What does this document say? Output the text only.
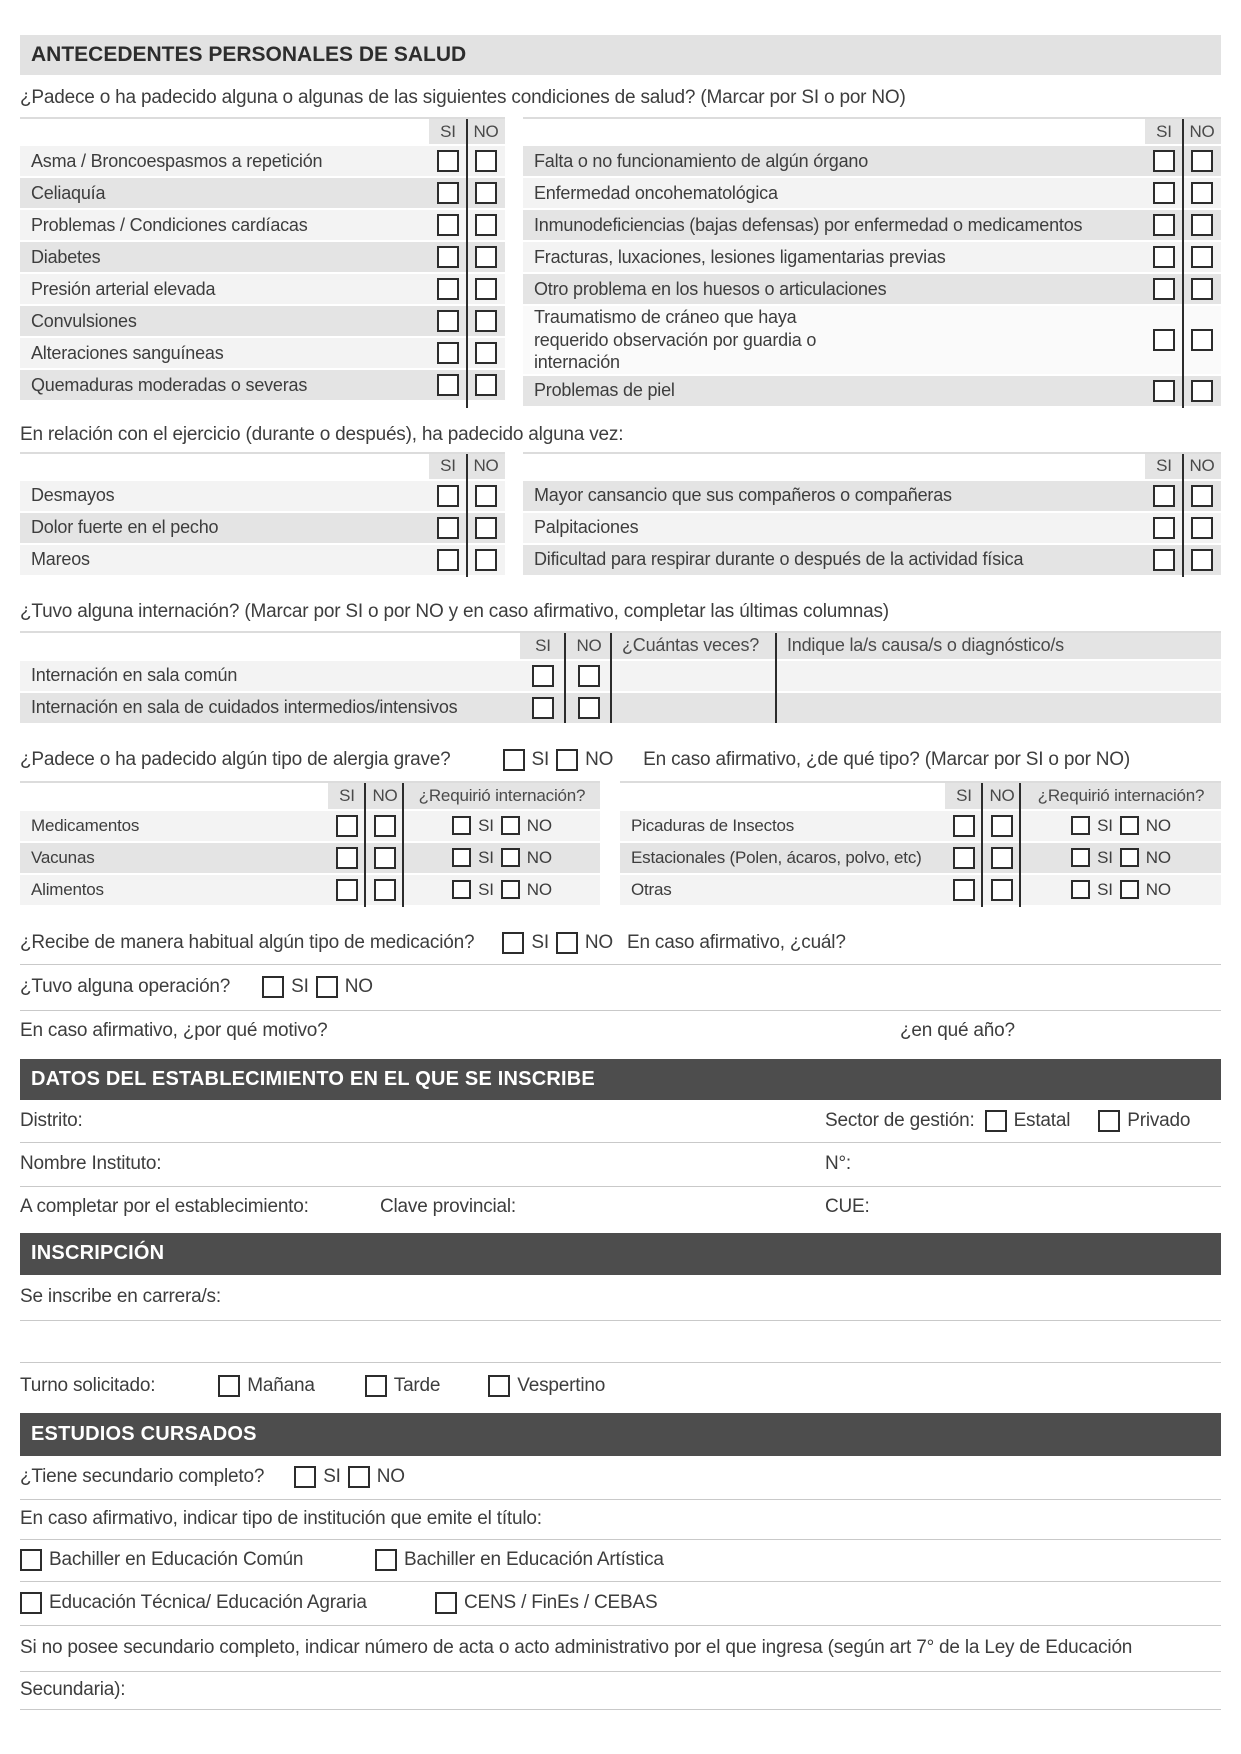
ANTECEDENTES PERSONALES DE SALUD
¿Padece o ha padecido alguna o algunas de las siguientes condiciones de salud? (Marcar por SI o por NO)
SI	NO
Asma / Broncoespasmos a repetición
Celiaquía
Problemas / Condiciones cardíacas
Diabetes
Presión arterial elevada
Convulsiones
Alteraciones sanguíneas
Quemaduras moderadas o severas
SI	NO
Falta o no funcionamiento de algún órgano
Enfermedad oncohematológica
Inmunodeficiencias (bajas defensas) por enfermedad o medicamentos
Fracturas, luxaciones, lesiones ligamentarias previas
Otro problema en los huesos o articulaciones
Traumatismo de cráneo que haya requerido observación por guardia o internación
Problemas de piel
En relación con el ejercicio (durante o después), ha padecido alguna vez:
SI	NO
Desmayos
Dolor fuerte en el pecho
Mareos
SI	NO
Mayor cansancio que sus compañeros o compañeras
Palpitaciones
Dificultad para respirar durante o después de la actividad física
¿Tuvo alguna internación? (Marcar por SI o por NO y en caso afirmativo, completar las últimas columnas)
SI	NO	¿Cuántas veces?	Indique la/s causa/s o diagnóstico/s
Internación en sala común
Internación en sala de cuidados intermedios/intensivos
¿Padece o ha padecido algún tipo de alergia grave?	SI NO En caso afirmativo, ¿de qué tipo? (Marcar por SI o por NO)
SI	NO	¿Requirió internación?
Medicamentos	SI NO
Vacunas	SI NO
Alimentos	SI NO
SI	NO	¿Requirió internación?
Picaduras de Insectos	SI NO
Estacionales (Polen, ácaros, polvo, etc)	SI NO
Otras	SI NO
¿Recibe de manera habitual algún tipo de medicación?	SI NO En caso afirmativo, ¿cuál?
¿Tuvo alguna operación?	SI NO
En caso afirmativo, ¿por qué motivo?	¿en qué año?
DATOS DEL ESTABLECIMIENTO EN EL QUE SE INSCRIBE
Distrito:	Sector de gestión: Estatal	Privado
Nombre Instituto:	N°:
A completar por el establecimiento:	Clave provincial:	CUE:
INSCRIPCIÓN
Se inscribe en carrera/s:
Turno solicitado:	Mañana	Tarde	Vespertino
ESTUDIOS CURSADOS
¿Tiene secundario completo?	SI NO
En caso afirmativo, indicar tipo de institución que emite el título:
Bachiller en Educación Común	Bachiller en Educación Artística
Educación Técnica/ Educación Agraria	CENS / FinEs / CEBAS
Si no posee secundario completo, indicar número de acta o acto administrativo por el que ingresa (según art 7° de la Ley de Educación
Secundaria):
